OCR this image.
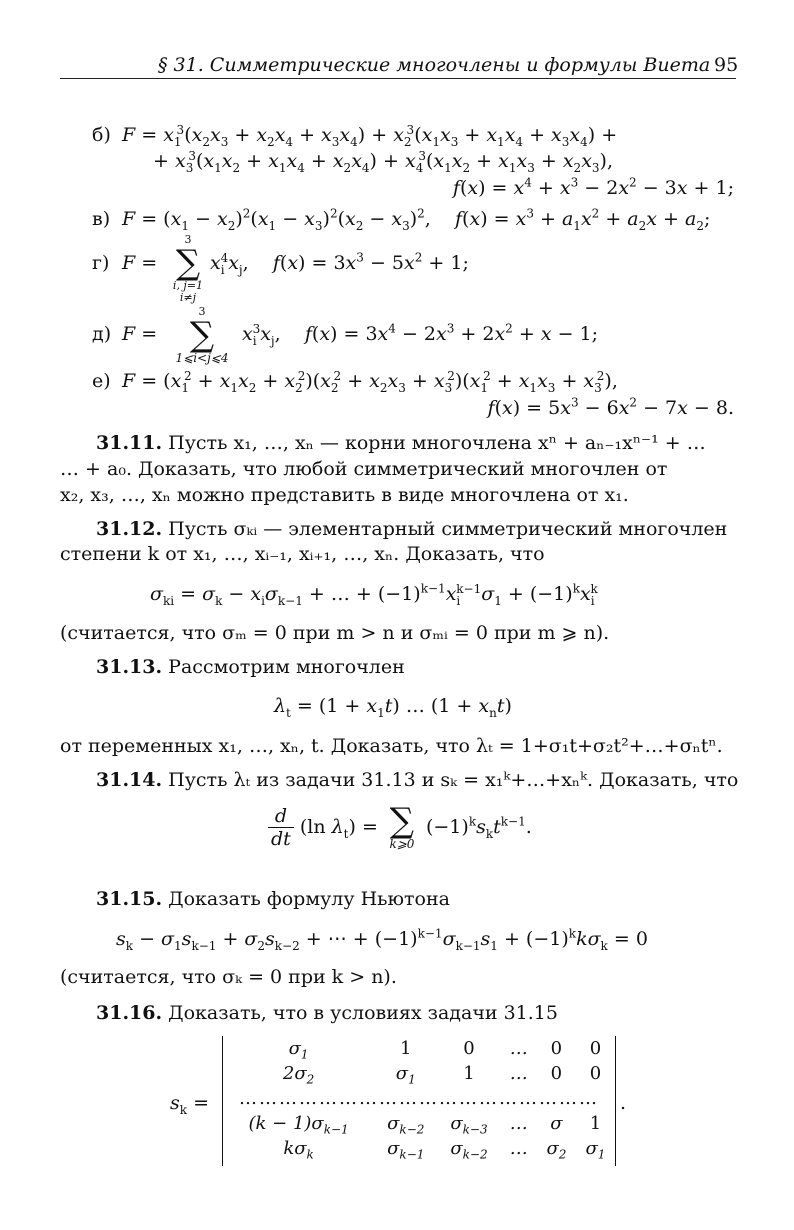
§ 31. Симметрические многочлены и формулы Виета 95
б) $F = x_1^3(x_2x_3 + x_2x_4 + x_3x_4) + x_2^3(x_1x_3 + x_1x_4 + x_3x_4)$ +
+ $x_3^3(x_1x_2 + x_1x_4 + x_2x_4) + x_4^3(x_1x_2 + x_1x_3 + x_2x_3)$,
$f(x) = x^4 + x^3 - 2x^2 - 3x + 1$;
в) $F = (x_1 - x_2)^2(x_1 - x_3)^2(x_2 - x_3)^2$,    $f(x) = x^3 + a_1x^2 + a_2x + a_2$;
г) F =
3
∑
i, j=1
i≠j
$x_i^4x_j$,    $f(x) = 3x^3 - 5x^2 + 1$;
д) F =
3
∑
1⩽i<j⩽4
$x_i^3x_j$,    $f(x) = 3x^4 - 2x^3 + 2x^2 + x - 1$;
е) $F = (x_1^2 + x_1x_2 + x_2^2)(x_2^2 + x_2x_3 + x_3^2)(x_1^2 + x_1x_3 + x_3^2)$,
$f(x) = 5x^3 - 6x^2 - 7x - 8$.
31.11. Пусть x₁, …, xₙ — корни многочлена xⁿ + aₙ₋₁xⁿ⁻¹ + …
… + a₀. Доказать, что любой симметрический многочлен от
x₂, x₃, …, xₙ можно представить в виде многочлена от x₁.
31.12. Пусть σₖᵢ — элементарный симметрический многочлен
степени k от x₁, …, xᵢ₋₁, xᵢ₊₁, …, xₙ. Доказать, что
$\sigma_{ki} = \sigma_k - x_i\sigma_{k-1}$ + … + $(-1)^{k-1}x_i^{k-1}\sigma_1 + (-1)^kx_i^k$
(считается, что σₘ = 0 при m > n и σₘᵢ = 0 при m ⩾ n).
31.13. Рассмотрим многочлен
$\lambda_t = (1 + x_1t)$ … $(1 + x_nt)$
от переменных x₁, …, xₙ, t. Доказать, что λₜ = 1+σ₁t+σ₂t²+…+σₙtⁿ.
31.14. Пусть λₜ из задачи 31.13 и sₖ = x₁ᵏ+…+xₙᵏ. Доказать, что
$\frac{d}{dt} (\ln$ $\lambda_t$) = ∑
k⩾0
$(-1)^ks_kt^{k-1}$.
31.15. Доказать формулу Ньютона
$s_k - \sigma_1s_{k-1} + \sigma_2s_{k-2}$ + ⋯ + $(-1)^{k-1}\sigma_{k-1}s_1 + (-1)^kk\sigma_k = 0$
(считается, что σₖ = 0 при k > n).
31.16. Доказать, что в условиях задачи 31.15
$s_k$ =
$\sigma_1$	1	0	…	0	0
$2\sigma_2$	$\sigma_1$	1	…	0	0
………………………………………………					
$(k - 1)\sigma_{k-1}$	$\sigma_{k-2}$	$\sigma_{k-3}$	…	σ	1
$k\sigma_k$	$\sigma_{k-1}$	$\sigma_{k-2}$	…	$\sigma_2$	$\sigma_1$
.
